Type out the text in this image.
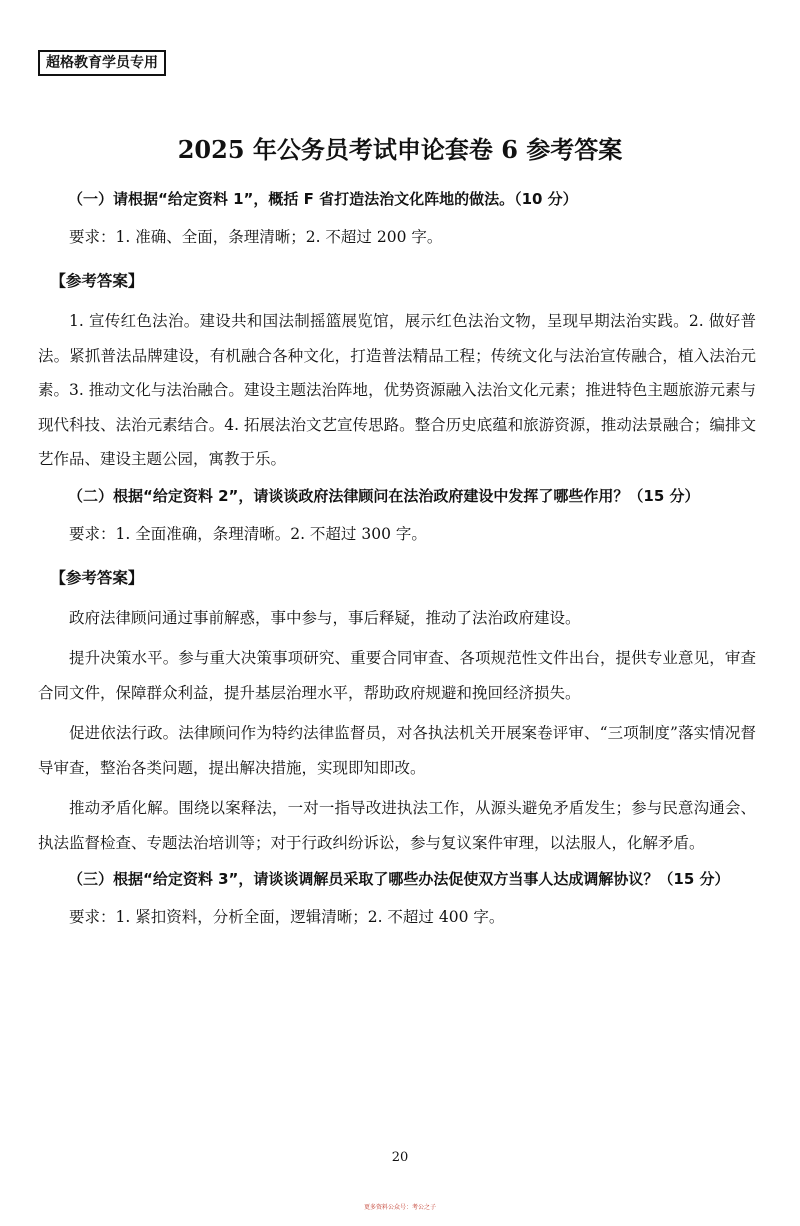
超格教育学员专用
2025 年公务员考试申论套卷 6 参考答案
（一）请根据“给定资料 1”，概括 F 省打造法治文化阵地的做法。（10 分）
要求：1. 准确、全面，条理清晰；2. 不超过 200 字。
【参考答案】

1. 宣传红色法治。建设共和国法制摇篮展览馆，展示红色法治文物，呈现早期法治实践。2. 做好普法。紧抓普法品牌建设，有机融合各种文化，打造普法精品工程；传统文化与法治宣传融合，植入法治元素。3. 推动文化与法治融合。建设主题法治阵地，优势资源融入法治文化元素；推进特色主题旅游元素与现代科技、法治元素结合。4. 拓展法治文艺宣传思路。整合历史底蕴和旅游资源，推动法景融合；编排文艺作品、建设主题公园，寓教于乐。

（二）根据“给定资料 2”，请谈谈政府法律顾问在法治政府建设中发挥了哪些作用？（15 分）
要求：1. 全面准确，条理清晰。2. 不超过 300 字。
【参考答案】

政府法律顾问通过事前解惑，事中参与，事后释疑，推动了法治政府建设。

提升决策水平。参与重大决策事项研究、重要合同审查、各项规范性文件出台，提供专业意见，审查合同文件，保障群众利益，提升基层治理水平，帮助政府规避和挽回经济损失。

促进依法行政。法律顾问作为特约法律监督员，对各执法机关开展案卷评审、“三项制度”落实情况督导审查，整治各类问题，提出解决措施，实现即知即改。

推动矛盾化解。围绕以案释法，一对一指导改进执法工作，从源头避免矛盾发生；参与民意沟通会、执法监督检查、专题法治培训等；对于行政纠纷诉讼，参与复议案件审理，以法服人，化解矛盾。

（三）根据“给定资料 3”，请谈谈调解员采取了哪些办法促使双方当事人达成调解协议？（15 分）
要求：1. 紧扣资料，分析全面，逻辑清晰；2. 不超过 400 字。
20
更多资料公众号：考公之子
